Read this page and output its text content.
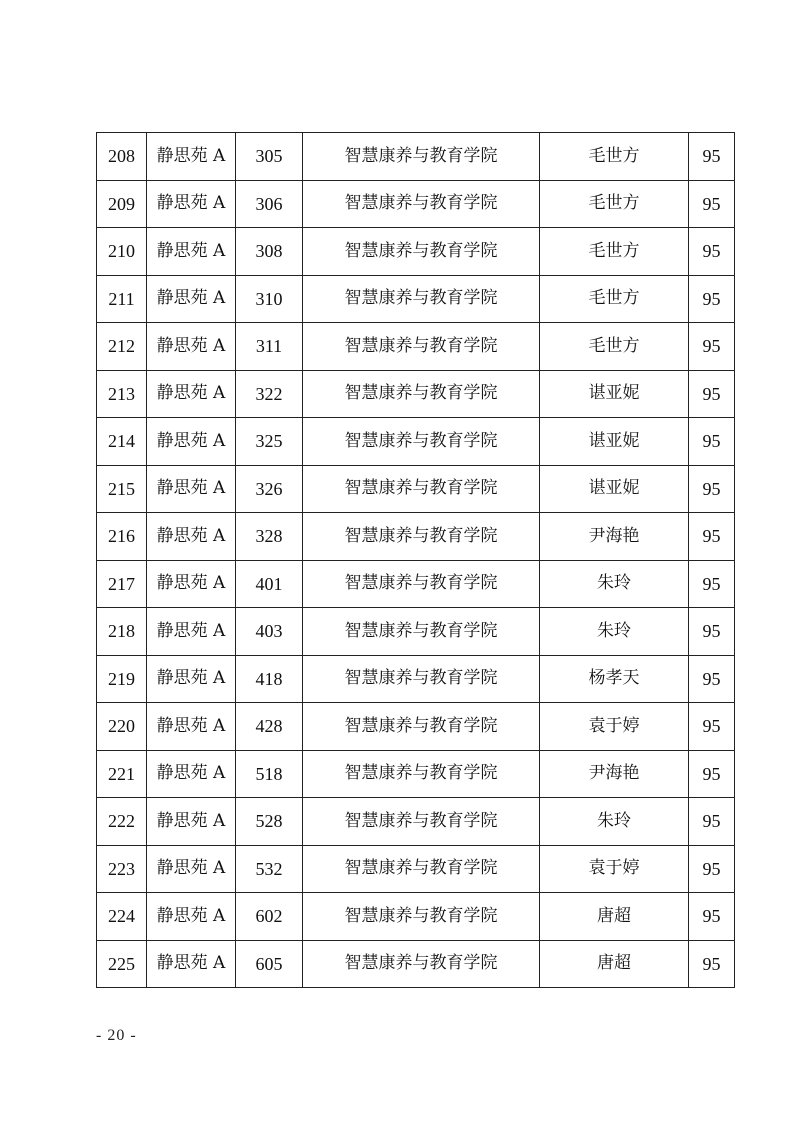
208	静思苑 A	305	智慧康养与教育学院	毛世方	95
209	静思苑 A	306	智慧康养与教育学院	毛世方	95
210	静思苑 A	308	智慧康养与教育学院	毛世方	95
211	静思苑 A	310	智慧康养与教育学院	毛世方	95
212	静思苑 A	311	智慧康养与教育学院	毛世方	95
213	静思苑 A	322	智慧康养与教育学院	谌亚妮	95
214	静思苑 A	325	智慧康养与教育学院	谌亚妮	95
215	静思苑 A	326	智慧康养与教育学院	谌亚妮	95
216	静思苑 A	328	智慧康养与教育学院	尹海艳	95
217	静思苑 A	401	智慧康养与教育学院	朱玲	95
218	静思苑 A	403	智慧康养与教育学院	朱玲	95
219	静思苑 A	418	智慧康养与教育学院	杨孝天	95
220	静思苑 A	428	智慧康养与教育学院	袁于婷	95
221	静思苑 A	518	智慧康养与教育学院	尹海艳	95
222	静思苑 A	528	智慧康养与教育学院	朱玲	95
223	静思苑 A	532	智慧康养与教育学院	袁于婷	95
224	静思苑 A	602	智慧康养与教育学院	唐超	95
225	静思苑 A	605	智慧康养与教育学院	唐超	95
- 20 -
